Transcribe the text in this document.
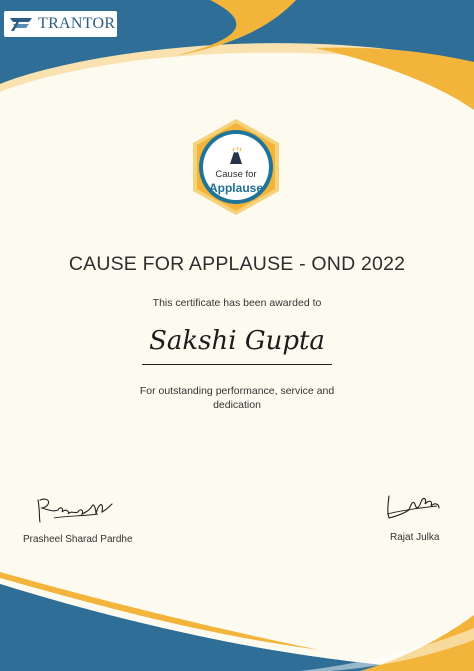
TRANTOR
Cause for
Applause
CAUSE FOR APPLAUSE - OND 2022
This certificate has been awarded to
Sakshi Gupta
For outstanding performance, service and dedication
Prasheel Sharad Pardhe	Rajat Julka
